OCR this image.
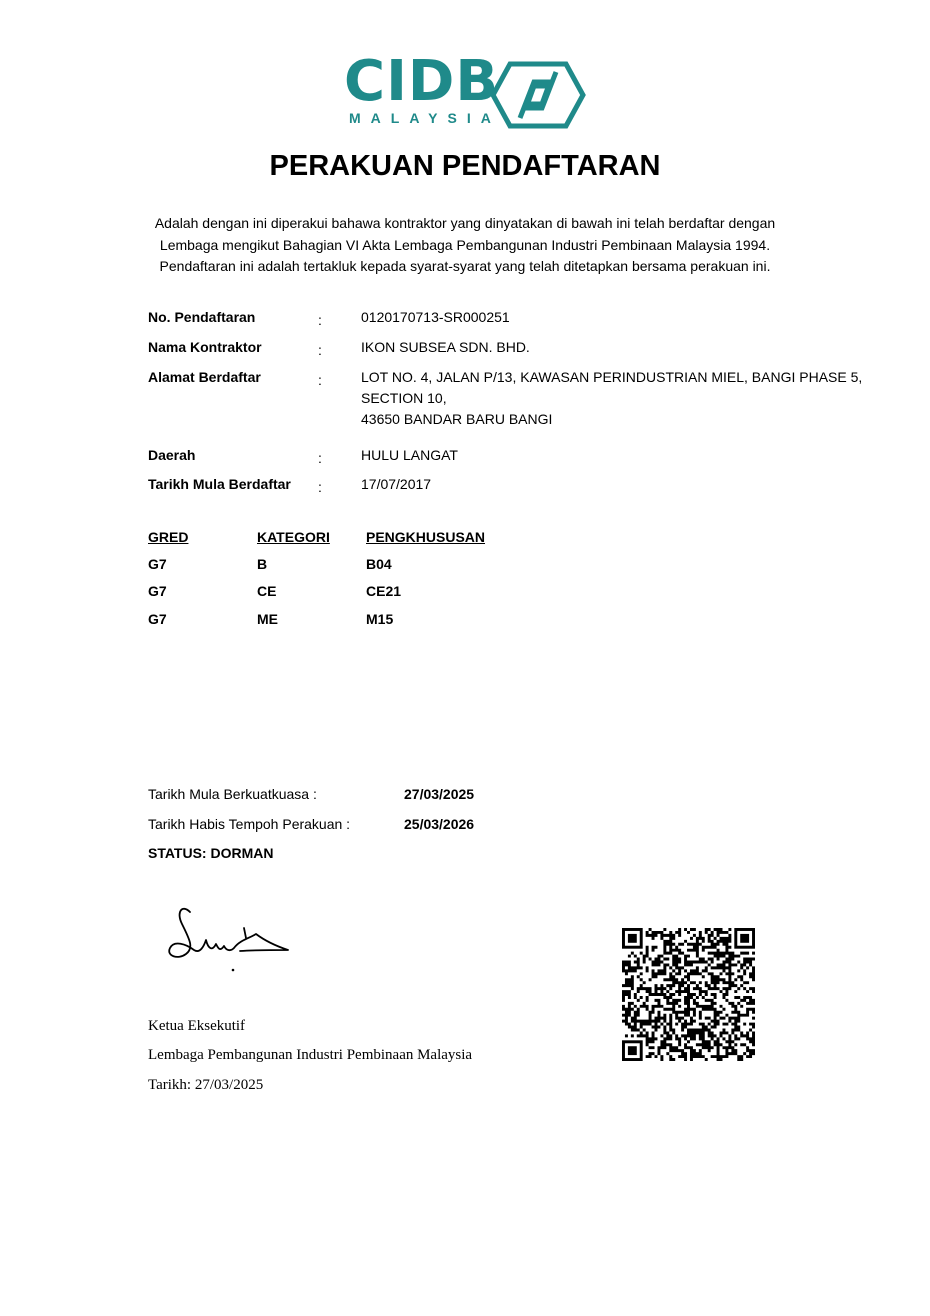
CIDB
MALAYSIA
PERAKUAN PENDAFTARAN
Adalah dengan ini diperakui bahawa kontraktor yang dinyatakan di bawah ini telah berdaftar dengan
Lembaga mengikut Bahagian VI Akta Lembaga Pembangunan Industri Pembinaan Malaysia 1994.
Pendaftaran ini adalah tertakluk kepada syarat-syarat yang telah ditetapkan bersama perakuan ini.
No. Pendaftaran	:	0120170713-SR000251
Nama Kontraktor	:	IKON SUBSEA SDN. BHD.
Alamat Berdaftar	:	LOT NO. 4, JALAN P/13, KAWASAN PERINDUSTRIAN MIEL, BANGI PHASE 5,
SECTION 10,
43650 BANDAR BARU BANGI
Daerah	:	HULU LANGAT
Tarikh Mula Berdaftar :	17/07/2017
GRED	KATEGORI	PENGKHUSUSAN
G7	B	B04
G7	CE	CE21
G7	ME	M15
Tarikh Mula Berkuatkuasa :	27/03/2025
Tarikh Habis Tempoh Perakuan :	25/03/2026
STATUS: DORMAN
Ketua Eksekutif
Lembaga Pembangunan Industri Pembinaan Malaysia
Tarikh: 27/03/2025
